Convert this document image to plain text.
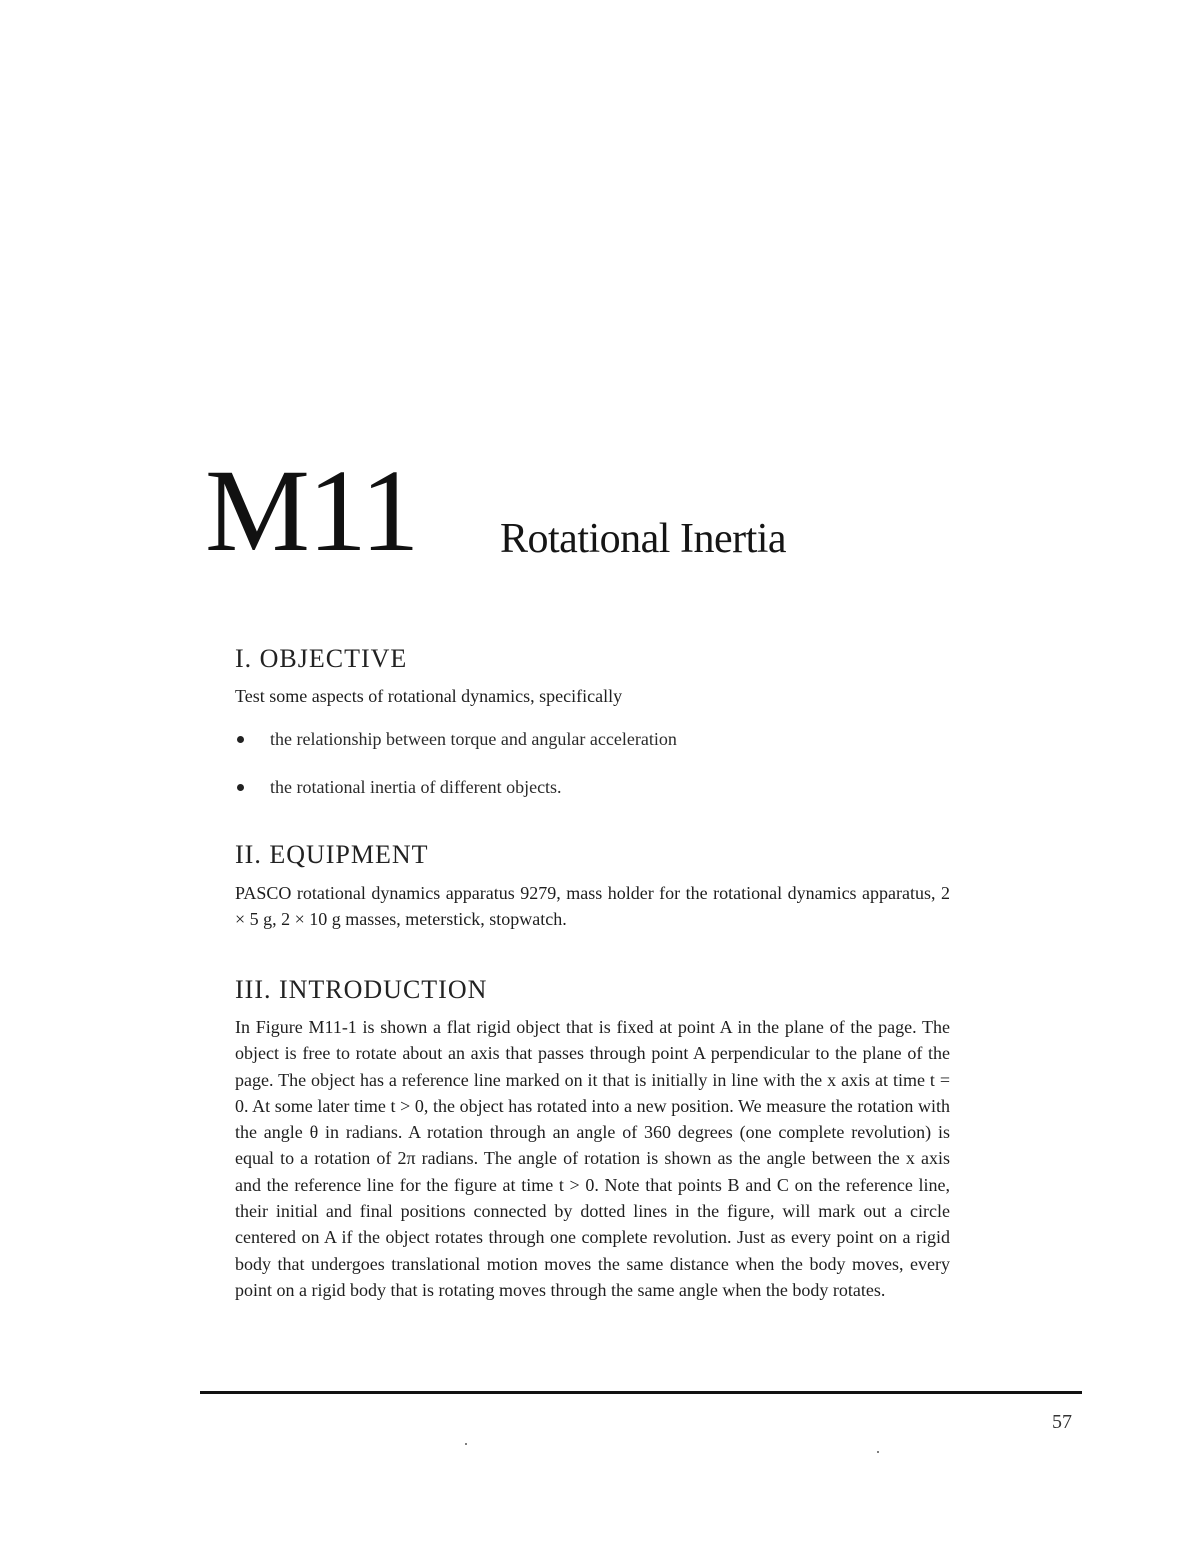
M11 Rotational Inertia
I. OBJECTIVE

Test some aspects of rotational dynamics, specifically

the relationship between torque and angular acceleration
the rotational inertia of different objects.
II. EQUIPMENT

PASCO rotational dynamics apparatus 9279, mass holder for the rotational dynamics apparatus, 2 × 5 g, 2 × 10 g masses, meterstick, stopwatch.

III. INTRODUCTION

In Figure M11-1 is shown a flat rigid object that is fixed at point A in the plane of the page. The object is free to rotate about an axis that passes through point A perpendicular to the plane of the page. The object has a reference line marked on it that is initially in line with the x axis at time t = 0. At some later time t > 0, the object has rotated into a new position. We measure the rotation with the angle θ in radians. A rotation through an angle of 360 degrees (one complete revolution) is equal to a rotation of 2π radians. The angle of rotation is shown as the angle between the x axis and the reference line for the figure at time t > 0. Note that points B and C on the reference line, their initial and final positions connected by dotted lines in the figure, will mark out a circle centered on A if the object rotates through one complete revolution. Just as every point on a rigid body that undergoes translational motion moves the same distance when the body moves, every point on a rigid body that is rotating moves through the same angle when the body rotates.

57
